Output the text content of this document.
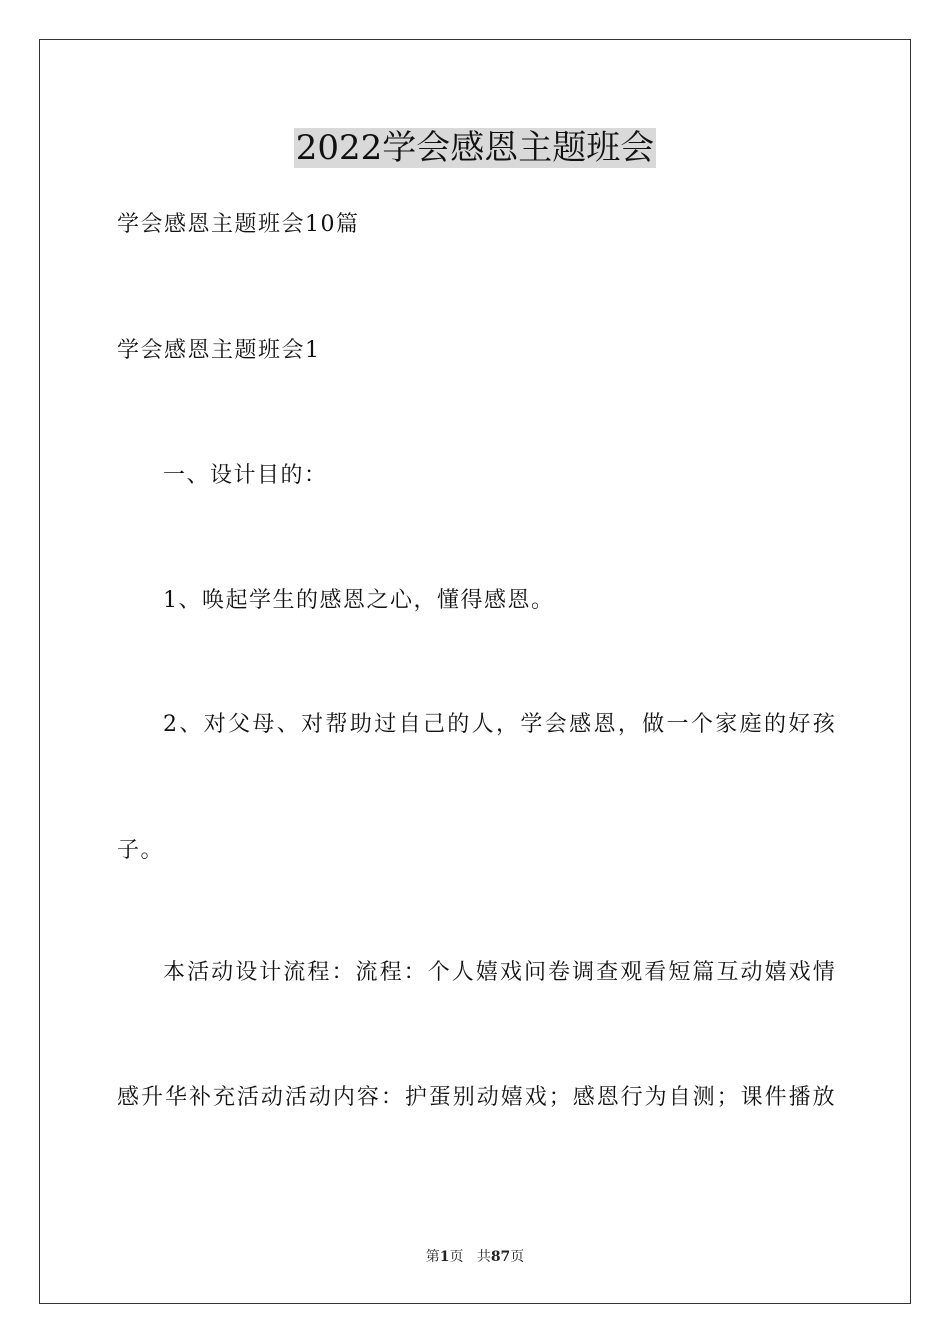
2022学会感恩主题班会
学会感恩主题班会10篇
学会感恩主题班会1
一、设计目的：
1、唤起学生的感恩之心，懂得感恩。
2 、 对 父 母 、 对 帮 助 过 自 己 的 人 ， 学 会 感 恩 ， 做 一 个 家 庭 的 好 孩
子。
本 活 动 设 计 流 程 ： 流 程 ： 个 人 嬉 戏 问 卷 调 查 观 看 短 篇 互 动 嬉 戏 情
感 升 华 补 充 活 动 活 动 内 容 ： 护 蛋 别 动 嬉 戏 ； 感 恩 行 为 自 测 ； 课 件 播 放
第1页 共87页
